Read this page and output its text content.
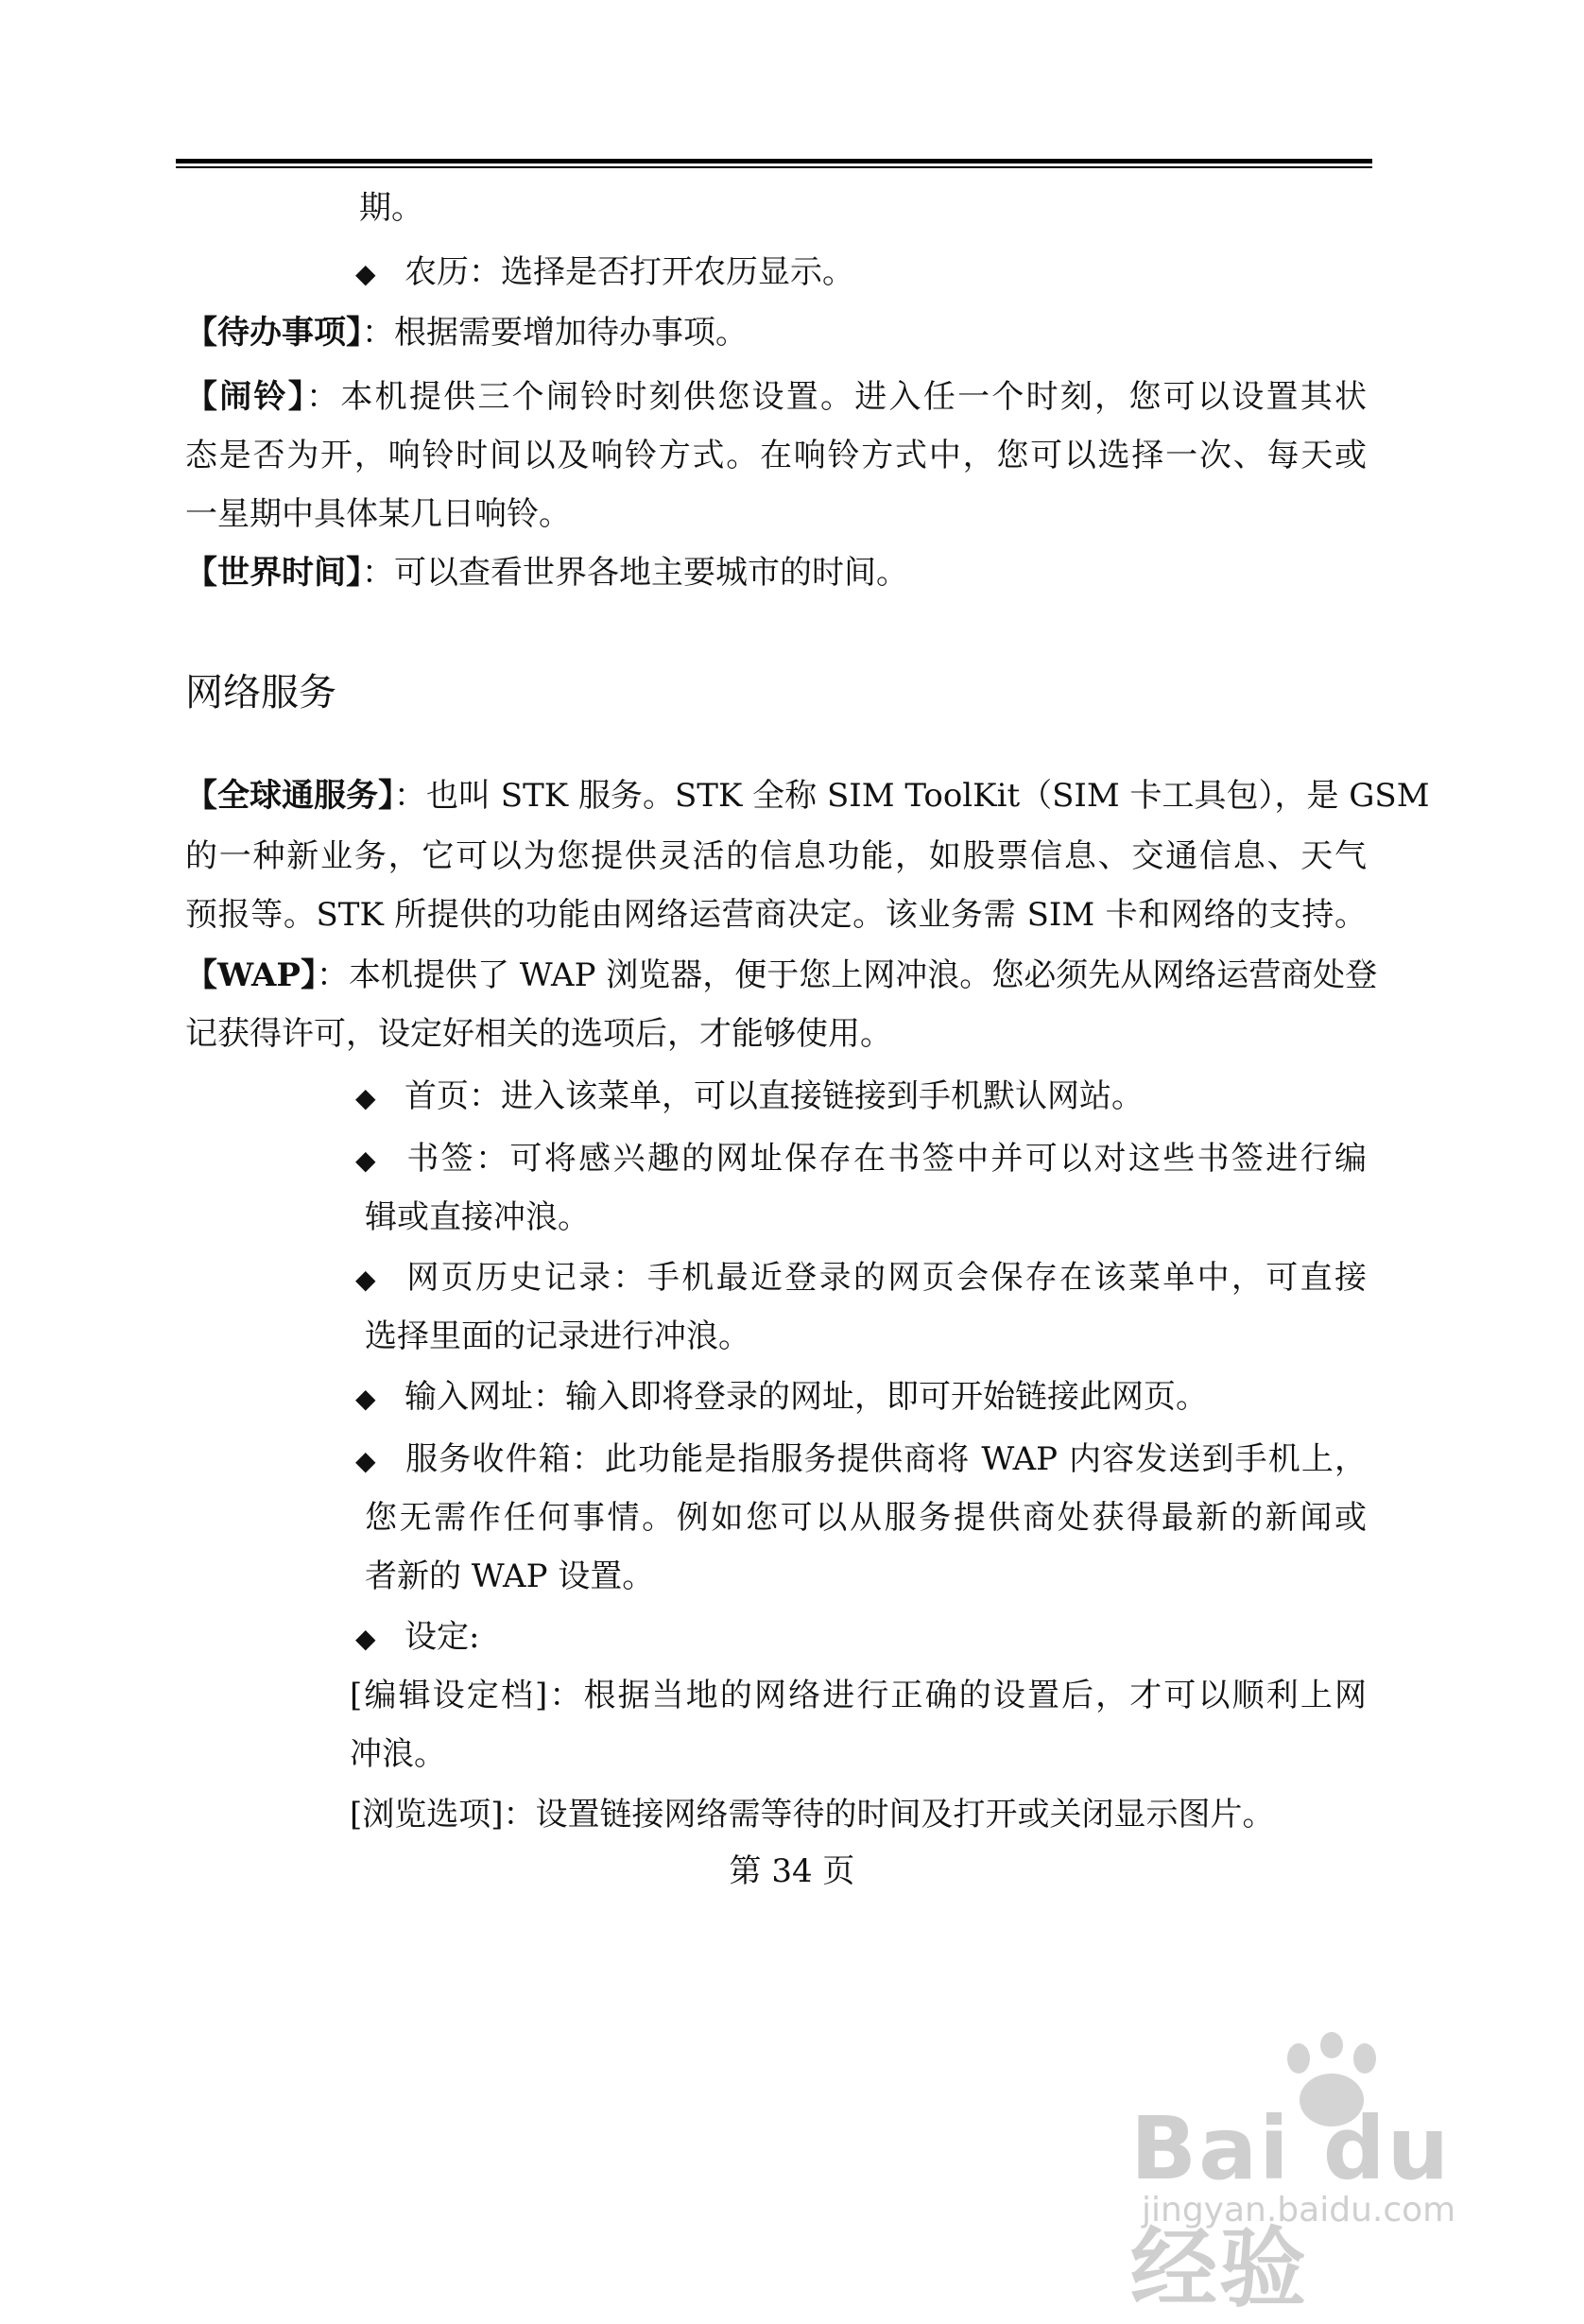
期。
◆ 农历：选择是否打开农历显示。
【待办事项】：根据需要增加待办事项。
【闹铃】：本机提供三个闹铃时刻供您设置。进入任一个时刻，您可以设置其状
态是否为开，响铃时间以及响铃方式。在响铃方式中，您可以选择一次、每天或
一星期中具体某几日响铃。
【世界时间】：可以查看世界各地主要城市的时间。
网络服务
【全球通服务】：也叫 STK 服务。STK 全称 SIM ToolKit（SIM 卡工具包），是 GSM
的一种新业务，它可以为您提供灵活的信息功能，如股票信息、交通信息、天气
预报等。STK 所提供的功能由网络运营商决定。该业务需 SIM 卡和网络的支持。
【WAP】：本机提供了 WAP 浏览器，便于您上网冲浪。您必须先从网络运营商处登
记获得许可，设定好相关的选项后，才能够使用。
◆ 首页：进入该菜单，可以直接链接到手机默认网站。
◆ 书签：可将感兴趣的网址保存在书签中并可以对这些书签进行编
辑或直接冲浪。
◆ 网页历史记录：手机最近登录的网页会保存在该菜单中，可直接
选择里面的记录进行冲浪。
◆ 输入网址：输入即将登录的网址，即可开始链接此网页。
◆ 服务收件箱：此功能是指服务提供商将 WAP 内容发送到手机上，
您无需作任何事情。例如您可以从服务提供商处获得最新的新闻或
者新的 WAP 设置。
◆ 设定:
[编辑设定档]：根据当地的网络进行正确的设置后，才可以顺利上网
冲浪。
[浏览选项]：设置链接网络需等待的时间及打开或关闭显示图片。
第 34 页
Bai du 经验
jingyan.baidu.com
